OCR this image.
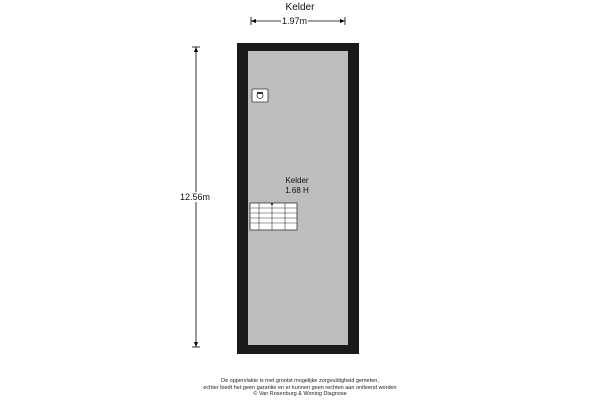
Kelder
1.97m
12.56m
Kelder
1.68 H
De oppervlakte is met grootst mogelijke zorgvuldigheid gemeten,
echter biedt het geen garantie en er kunnen geen rechten aan ontleend worden
© Van Rosenburg & Woning Diagnose
